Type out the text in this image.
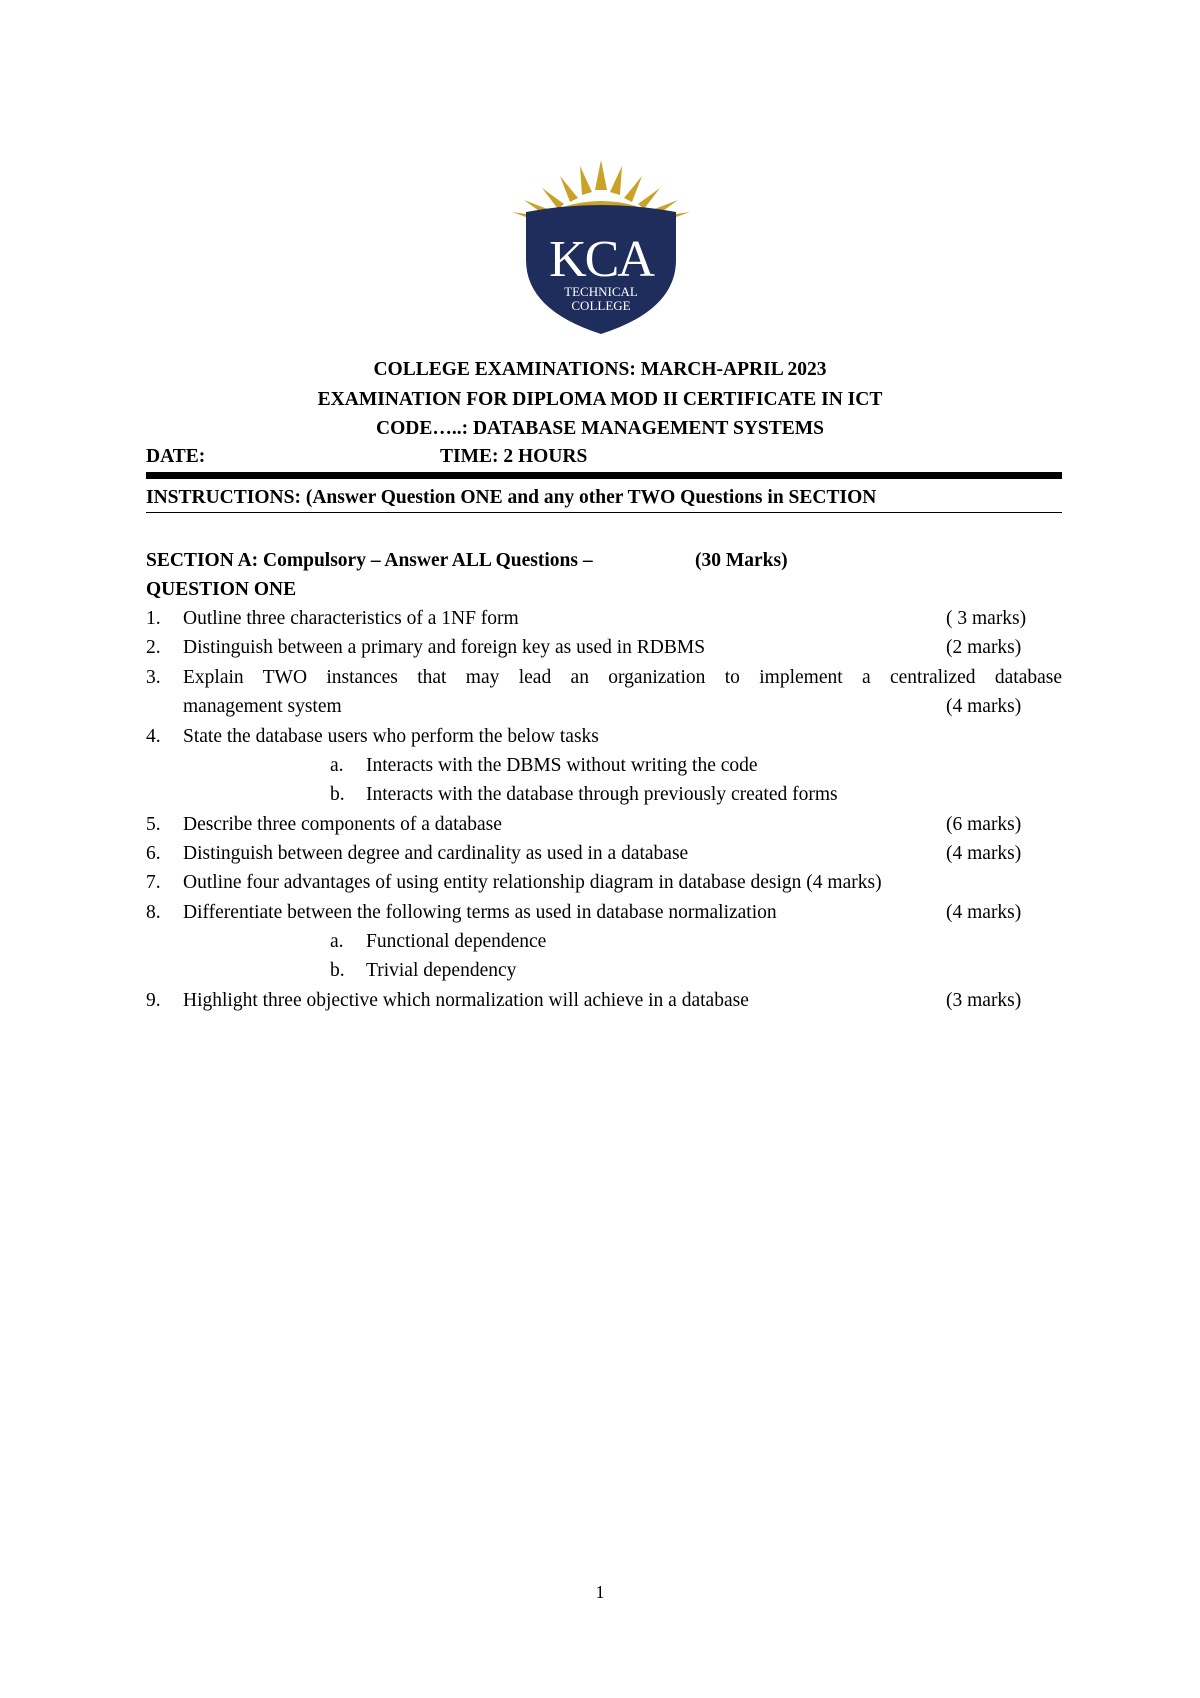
KCA
TECHNICAL
COLLEGE
COLLEGE EXAMINATIONS: MARCH-APRIL 2023
EXAMINATION FOR DIPLOMA MOD II CERTIFICATE IN ICT
CODE…..: DATABASE MANAGEMENT SYSTEMS
DATE:	TIME: 2 HOURS
INSTRUCTIONS: (Answer Question ONE and any other TWO Questions in SECTION
SECTION A: Compulsory – Answer ALL Questions –	(30 Marks)
QUESTION ONE
1. Outline three characteristics of a 1NF form	( 3 marks)
2. Distinguish between a primary and foreign key as used in RDBMS	(2 marks)
3. Explain TWO instances that may lead an organization to implement a centralized database
management system	(4 marks)
4. State the database users who perform the below tasks
a. Interacts with the DBMS without writing the code
b. Interacts with the database through previously created forms
5. Describe three components of a database	(6 marks)
6. Distinguish between degree and cardinality as used in a database	(4 marks)
7. Outline four advantages of using entity relationship diagram in database design (4 marks)
8. Differentiate between the following terms as used in database normalization	(4 marks)
a. Functional dependence
b. Trivial dependency
9. Highlight three objective which normalization will achieve in a database	(3 marks)
1
